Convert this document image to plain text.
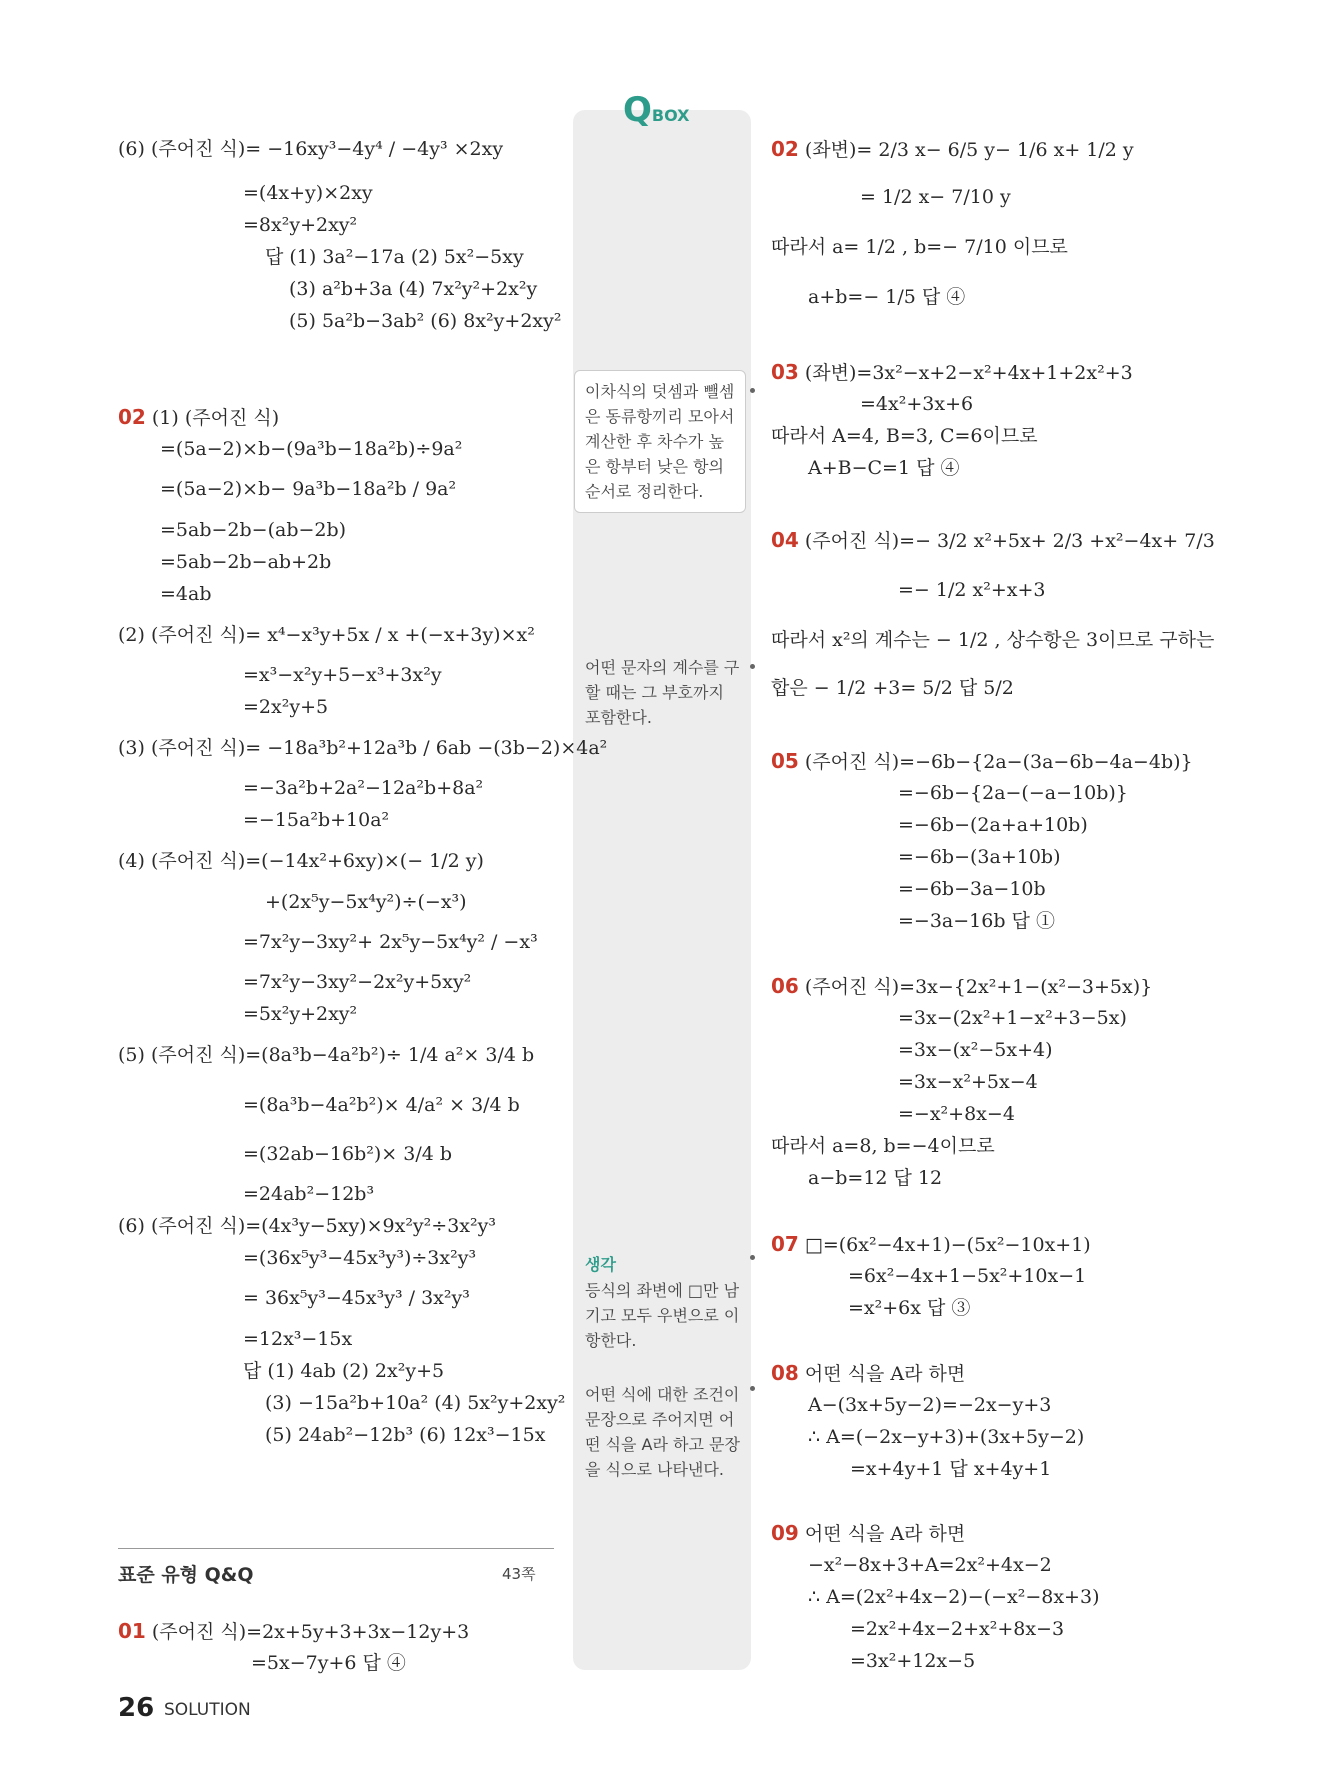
QBOX
이차식의 덧셈과 뺄셈은 동류항끼리 모아서 계산한 후 차수가 높은 항부터 낮은 항의 순서로 정리한다.
어떤 문자의 계수를 구할 때는 그 부호까지 포함한다.
생각
등식의 좌변에 □만 남기고 모두 우변으로 이항한다.
어떤 식에 대한 조건이 문장으로 주어지면 어떤 식을 A라 하고 문장을 식으로 나타낸다.
(6) (주어진 식)= −16xy³−4y⁴ / −4y³ ×2xy
=(4x+y)×2xy
=8x²y+2xy²
답 (1) 3a²−17a (2) 5x²−5xy
(3) a²b+3a (4) 7x²y²+2x²y
(5) 5a²b−3ab² (6) 8x²y+2xy²
02 (1) (주어진 식)
=(5a−2)×b−(9a³b−18a²b)÷9a²
=(5a−2)×b− 9a³b−18a²b / 9a²
=5ab−2b−(ab−2b)
=5ab−2b−ab+2b
=4ab
(2) (주어진 식)= x⁴−x³y+5x / x +(−x+3y)×x²
=x³−x²y+5−x³+3x²y
=2x²y+5
(3) (주어진 식)= −18a³b²+12a³b / 6ab −(3b−2)×4a²
=−3a²b+2a²−12a²b+8a²
=−15a²b+10a²
(4) (주어진 식)=(−14x²+6xy)×(− 1/2 y)
+(2x⁵y−5x⁴y²)÷(−x³)
=7x²y−3xy²+ 2x⁵y−5x⁴y² / −x³
=7x²y−3xy²−2x²y+5xy²
=5x²y+2xy²
(5) (주어진 식)=(8a³b−4a²b²)÷ 1/4 a²× 3/4 b
=(8a³b−4a²b²)× 4/a² × 3/4 b
=(32ab−16b²)× 3/4 b
=24ab²−12b³
(6) (주어진 식)=(4x³y−5xy)×9x²y²÷3x²y³
=(36x⁵y³−45x³y³)÷3x²y³
= 36x⁵y³−45x³y³ / 3x²y³
=12x³−15x
답 (1) 4ab (2) 2x²y+5
(3) −15a²b+10a² (4) 5x²y+2xy²
(5) 24ab²−12b³ (6) 12x³−15x
01 (주어진 식)=2x+5y+3+3x−12y+3
=5x−7y+6 답 ④
02 (좌변)= 2/3 x− 6/5 y− 1/6 x+ 1/2 y
= 1/2 x− 7/10 y
따라서 a= 1/2 , b=− 7/10 이므로
a+b=− 1/5 답 ④
03 (좌변)=3x²−x+2−x²+4x+1+2x²+3
=4x²+3x+6
따라서 A=4, B=3, C=6이므로
A+B−C=1 답 ④
04 (주어진 식)=− 3/2 x²+5x+ 2/3 +x²−4x+ 7/3
=− 1/2 x²+x+3
따라서 x²의 계수는 − 1/2 , 상수항은 3이므로 구하는
합은 − 1/2 +3= 5/2 답 5/2
05 (주어진 식)=−6b−{2a−(3a−6b−4a−4b)}
=−6b−{2a−(−a−10b)}
=−6b−(2a+a+10b)
=−6b−(3a+10b)
=−6b−3a−10b
=−3a−16b 답 ①
06 (주어진 식)=3x−{2x²+1−(x²−3+5x)}
=3x−(2x²+1−x²+3−5x)
=3x−(x²−5x+4)
=3x−x²+5x−4
=−x²+8x−4
따라서 a=8, b=−4이므로
a−b=12 답 12
07 □=(6x²−4x+1)−(5x²−10x+1)
=6x²−4x+1−5x²+10x−1
=x²+6x 답 ③
08 어떤 식을 A라 하면
A−(3x+5y−2)=−2x−y+3
∴ A=(−2x−y+3)+(3x+5y−2)
=x+4y+1 답 x+4y+1
09 어떤 식을 A라 하면
−x²−8x+3+A=2x²+4x−2
∴ A=(2x²+4x−2)−(−x²−8x+3)
=2x²+4x−2+x²+8x−3
=3x²+12x−5
표준 유형 Q&Q	43쪽
26 SOLUTION
